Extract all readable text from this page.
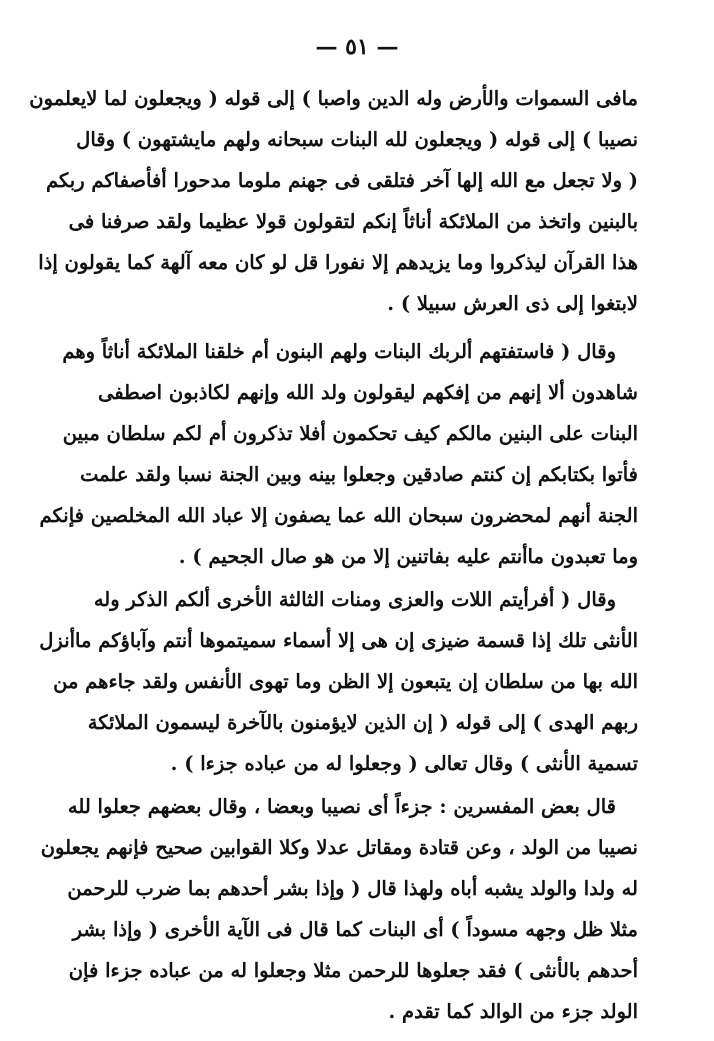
— ٥١ —
مافى السموات والأرض وله الدين واصبا ) إلى قوله ( ويجعلون لما لايعلمون
نصيبا ) إلى قوله ( ويجعلون لله البنات سبحانه ولهم مايشتهون ) وقال
( ولا تجعل مع الله إلها آخر فتلقى فى جهنم ملوما مدحورا أفأصفاكم ربكم
بالبنين واتخذ من الملائكة أناثاً إنكم لتقولون قولا عظيما ولقد صرفنا فى
هذا القرآن ليذكروا وما يزيدهم إلا نفورا قل لو كان معه آلهة كما يقولون إذا
لابتغوا إلى ذى العرش سبيلا ) .
وقال ( فاستفتهم ألربك البنات ولهم البنون أم خلقنا الملائكة أناثاً وهم
شاهدون ألا إنهم من إفكهم ليقولون ولد الله وإنهم لكاذبون اصطفى
البنات على البنين مالكم كيف تحكمون أفلا تذكرون أم لكم سلطان مبين
فأتوا بكتابكم إن كنتم صادقين وجعلوا بينه وبين الجنة نسبا ولقد علمت
الجنة أنهم لمحضرون سبحان الله عما يصفون إلا عباد الله المخلصين فإنكم
وما تعبدون ماأنتم عليه بفاتنين إلا من هو صال الجحيم ) .
وقال ( أفرأيتم اللات والعزى ومنات الثالثة الأخرى ألكم الذكر وله
الأنثى تلك إذا قسمة ضيزى إن هى إلا أسماء سميتموها أنتم وآباؤكم ماأنزل
الله بها من سلطان إن يتبعون إلا الظن وما تهوى الأنفس ولقد جاءهم من
ربهم الهدى ) إلى قوله ( إن الذين لايؤمنون بالآخرة ليسمون الملائكة
تسمية الأنثى ) وقال تعالى ( وجعلوا له من عباده جزءا ) .
قال بعض المفسرين : جزءاً أى نصيبا وبعضا ، وقال بعضهم جعلوا لله
نصيبا من الولد ، وعن قتادة ومقاتل عدلا وكلا القوابين صحيح فإنهم يجعلون
له ولدا والولد يشبه أباه ولهذا قال ( وإذا بشر أحدهم بما ضرب للرحمن
مثلا ظل وجهه مسوداً ) أى البنات كما قال فى الآية الأخرى ( وإذا بشر
أحدهم بالأنثى ) فقد جعلوها للرحمن مثلا وجعلوا له من عباده جزءا فإن
الولد جزء من الوالد كما تقدم .
